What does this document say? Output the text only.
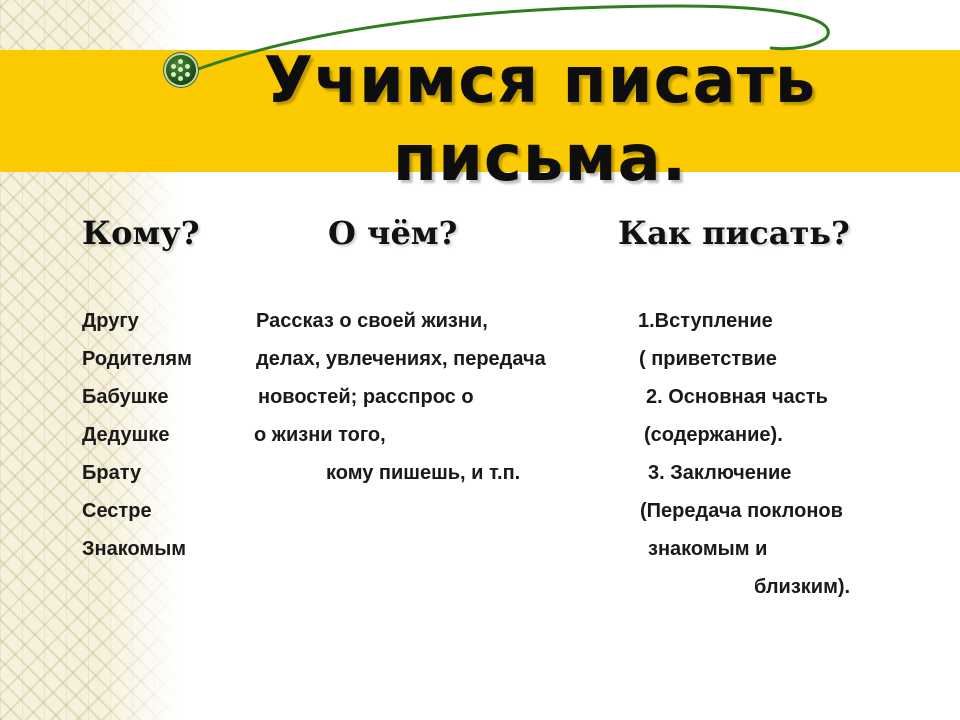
Учимся писать
письма.
Кому?	О чём?	Как писать?
Другу
Родителям
Бабушке
Дедушке
Брату
Сестре
Знакомым
Рассказ о своей жизни,
делах, увлечениях, передача
новостей; расспрос о
о жизни того,
кому пишешь, и т.п.
1.Вступление
( приветствие
2. Основная часть
(содержание).
3. Заключение
(Передача поклонов
знакомым и
близким).
